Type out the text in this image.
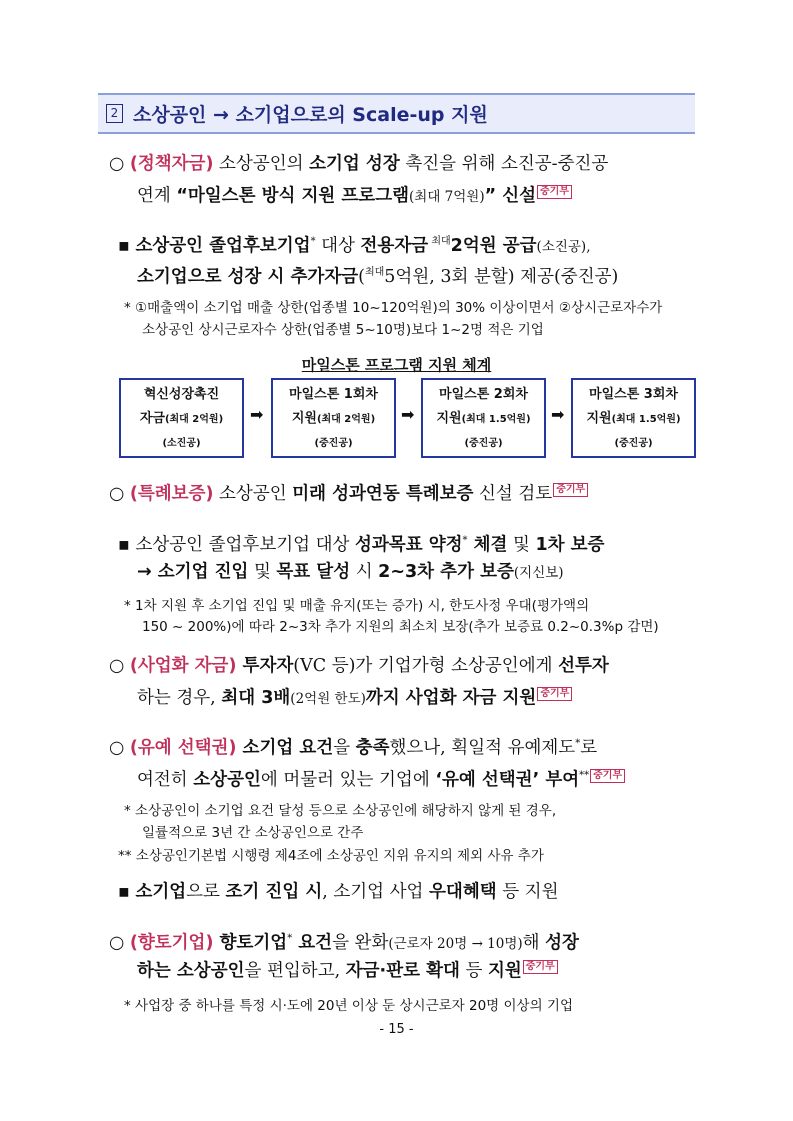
2 소상공인 → 소기업으로의 Scale-up 지원
○ (정책자금) 소상공인의 소기업 성장 촉진을 위해 소진공-중진공
연계 “마일스톤 방식 지원 프로그램(최대 7억원)” 신설 중기부
▪ 소상공인 졸업후보기업* 대상 전용자금 $^{최대}$2억원 공급(소진공),
소기업으로 성장 시 추가자금($^{최대}$5억원, 3회 분할) 제공(중진공)
* ①매출액이 소기업 매출 상한(업종별 10~120억원)의 30% 이상이면서 ②상시근로자수가
소상공인 상시근로자수 상한(업종별 5~10명)보다 1~2명 적은 기업
마일스톤 프로그램 지원 체계
혁신성장촉진
자금(최대 2억원)
(소진공)
➡
마일스톤 1회차
지원(최대 2억원)
(중진공)
➡
마일스톤 2회차
지원(최대 1.5억원)
(중진공)
➡
마일스톤 3회차
지원(최대 1.5억원)
(중진공)
○ (특례보증) 소상공인 미래 성과연동 특례보증 신설 검토 중기부
▪ 소상공인 졸업후보기업 대상 성과목표 약정* 체결 및 1차 보증
→ 소기업 진입 및 목표 달성 시 2~3차 추가 보증(지신보)
* 1차 지원 후 소기업 진입 및 매출 유지(또는 증가) 시, 한도사정 우대(평가액의
150 ~ 200%)에 따라 2~3차 추가 지원의 최소치 보장(추가 보증료 0.2~0.3%p 감면)
○ (사업화 자금) 투자자(VC 등)가 기업가형 소상공인에게 선투자
하는 경우, 최대 3배(2억원 한도)까지 사업화 자금 지원 중기부
○ (유예 선택권) 소기업 요건을 충족했으나, 획일적 유예제도*로
여전히 소상공인에 머물러 있는 기업에 ‘유예 선택권’ 부여** 중기부
* 소상공인이 소기업 요건 달성 등으로 소상공인에 해당하지 않게 된 경우,
일률적으로 3년 간 소상공인으로 간주
** 소상공인기본법 시행령 제4조에 소상공인 지위 유지의 제외 사유 추가
▪ 소기업으로 조기 진입 시, 소기업 사업 우대혜택 등 지원
○ (향토기업) 향토기업* 요건을 완화(근로자 20명 → 10명)해 성장
하는 소상공인을 편입하고, 자금·판로 확대 등 지원 중기부
* 사업장 중 하나를 특정 시·도에 20년 이상 둔 상시근로자 20명 이상의 기업
- 15 -
